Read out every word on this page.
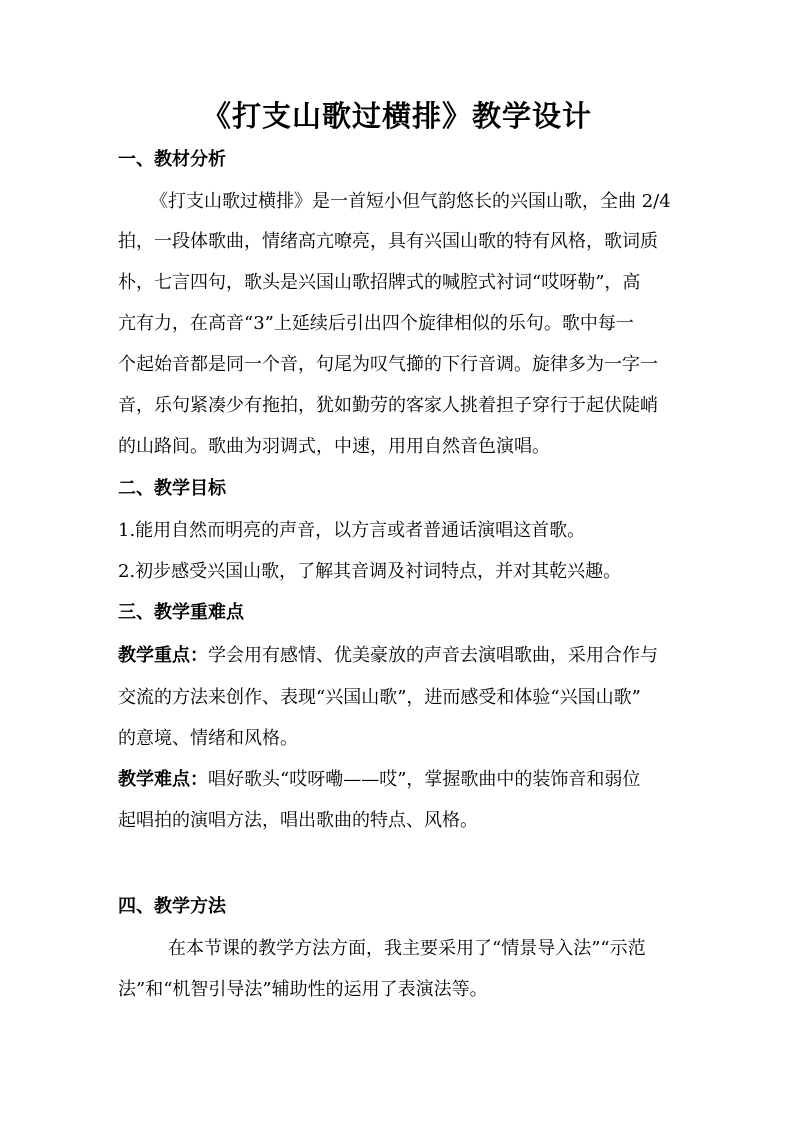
《打支山歌过横排》教学设计
一、教材分析
《打支山歌过横排》是一首短小但气韵悠长的兴国山歌，全曲 2/4
拍，一段体歌曲，情绪高亢嘹亮，具有兴国山歌的特有风格，歌词质
朴，七言四句，歌头是兴国山歌招牌式的喊腔式衬词“哎呀勒”，高
亢有力，在高音“3”上延续后引出四个旋律相似的乐句。歌中每一
个起始音都是同一个音，句尾为叹气擳的下行音调。旋律多为一字一
音，乐句紧凑少有拖拍，犹如勤劳的客家人挑着担子穿行于起伏陡峭
的山路间。歌曲为羽调式，中速，用用自然音色演唱。
二、教学目标
1.能用自然而明亮的声音，以方言或者普通话演唱这首歌。
2.初步感受兴国山歌，了解其音调及衬词特点，并对其乾兴趣。
三、教学重难点
教学重点：学会用有感情、优美豪放的声音去演唱歌曲，采用合作与
交流的方法来创作、表现“兴国山歌”，进而感受和体验“兴国山歌”
的意境、情绪和风格。
教学难点：唱好歌头“哎呀嘞——哎”，掌握歌曲中的装饰音和弱位
起唱拍的演唱方法，唱出歌曲的特点、风格。
四、教学方法
在本节课的教学方法方面，我主要采用了“情景导入法”“示范
法”和“机智引导法”辅助性的运用了表演法等。
